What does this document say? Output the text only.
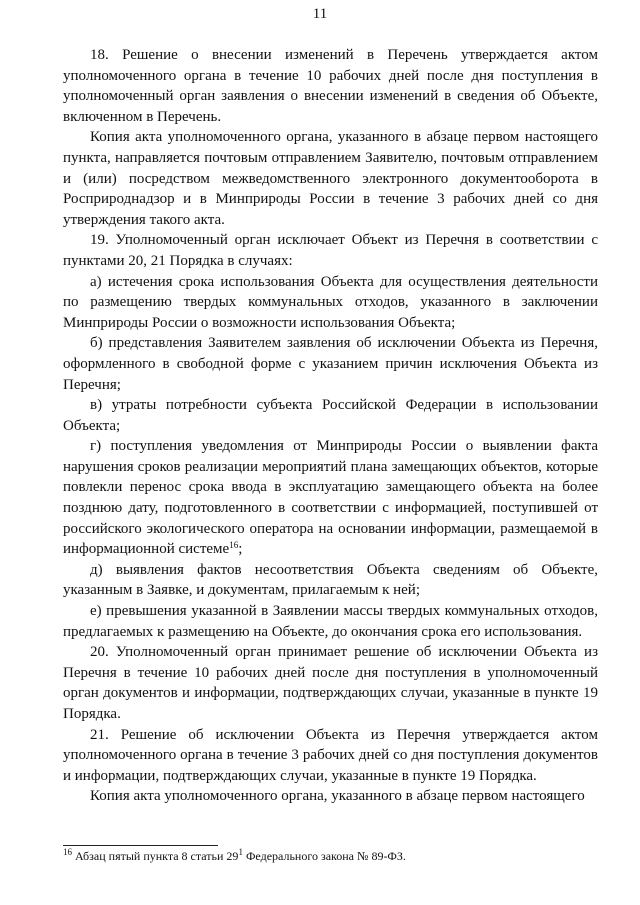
11

18. Решение о внесении изменений в Перечень утверждается актом уполномоченного органа в течение 10 рабочих дней после дня поступления в уполномоченный орган заявления о внесении изменений в сведения об Объекте, включенном в Перечень.

Копия акта уполномоченного органа, указанного в абзаце первом настоящего пункта, направляется почтовым отправлением Заявителю, почтовым отправлением и (или) посредством межведомственного электронного документооборота в Росприроднадзор и в Минприроды России в течение 3 рабочих дней со дня утверждения такого акта.

19. Уполномоченный орган исключает Объект из Перечня в соответствии с пунктами 20, 21 Порядка в случаях:

а) истечения срока использования Объекта для осуществления деятельности по размещению твердых коммунальных отходов, указанного в заключении Минприроды России о возможности использования Объекта;

б) представления Заявителем заявления об исключении Объекта из Перечня, оформленного в свободной форме с указанием причин исключения Объекта из Перечня;

в) утраты потребности субъекта Российской Федерации в использовании Объекта;

г) поступления уведомления от Минприроды России о выявлении факта нарушения сроков реализации мероприятий плана замещающих объектов, которые повлекли перенос срока ввода в эксплуатацию замещающего объекта на более позднюю дату, подготовленного в соответствии с информацией, поступившей от российского экологического оператора на основании информации, размещаемой в информационной системе$^{16}$;

д) выявления фактов несоответствия Объекта сведениям об Объекте, указанным в Заявке, и документам, прилагаемым к ней;

е) превышения указанной в Заявлении массы твердых коммунальных отходов, предлагаемых к размещению на Объекте, до окончания срока его использования.

20. Уполномоченный орган принимает решение об исключении Объекта из Перечня в течение 10 рабочих дней после дня поступления в уполномоченный орган документов и информации, подтверждающих случаи, указанные в пункте 19 Порядка.

21. Решение об исключении Объекта из Перечня утверждается актом уполномоченного органа в течение 3 рабочих дней со дня поступления документов и информации, подтверждающих случаи, указанные в пункте 19 Порядка.

Копия акта уполномоченного органа, указанного в абзаце первом настоящего

$^{16}$ Абзац пятый пункта 8 статьи $29^1$ Федерального закона № 89-ФЗ.
